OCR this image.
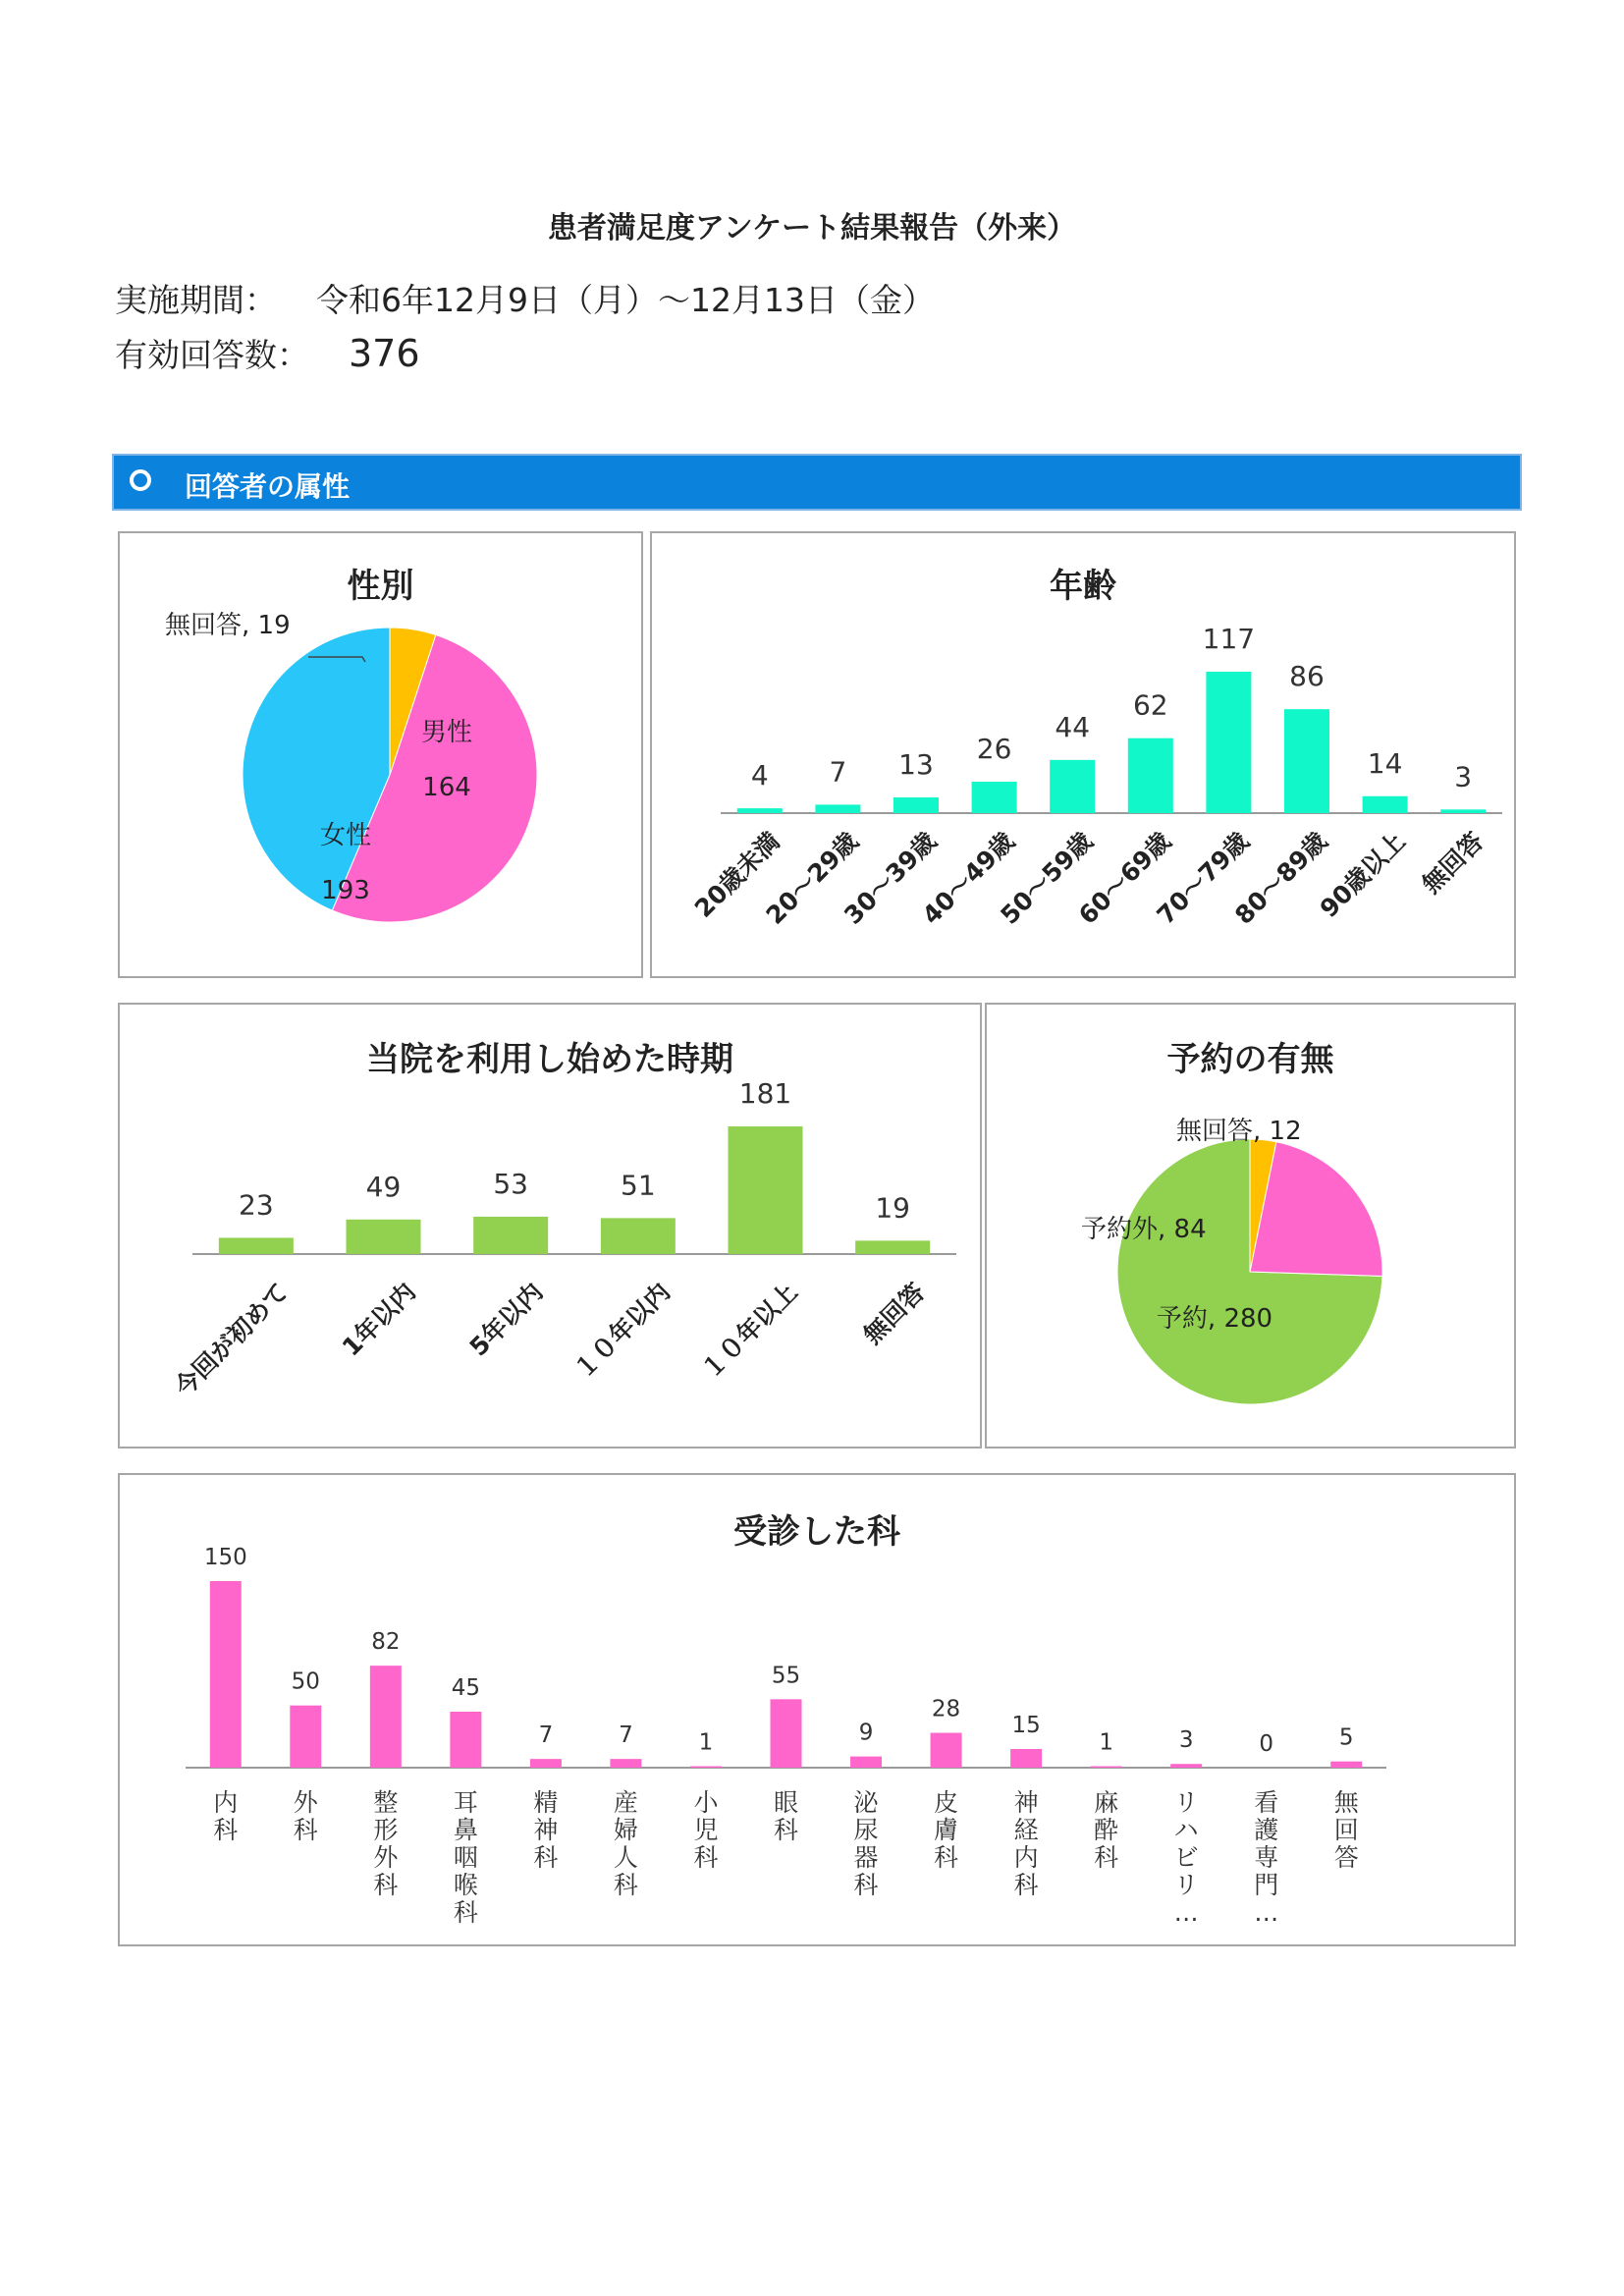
患者満足度アンケート結果報告（外来）
実施期間： 令和6年12月9日（月）～12月13日（金）
有効回答数： 376
回答者の属性
男性
164
女性
193
無回答, 19
性別
4
20歳未満
7
20～29歳
13
30～39歳
26
40～49歳
44
50～59歳
62
60～69歳
117
70～79歳
86
80～89歳
14
90歳以上
3
無回答
年齢
23
今回が初めて
49
1年以内
53
5年以内
51
１０年以内
181
１０年以上
19
無回答
当院を利用し始めた時期
予約, 280
予約外, 84
無回答, 12
予約の有無
150
内
科
50
外
科
82
整
形
外
科
45
耳
鼻
咽
喉
科
7
精
神
科
7
産
婦
人
科
1
小
児
科
55
眼
科
9
泌
尿
器
科
28
皮
膚
科
15
神
経
内
科
1
麻
酔
科
3
リ
ハ
ビ
リ
…
0
看
護
専
門
…
5
無
回
答
受診した科
